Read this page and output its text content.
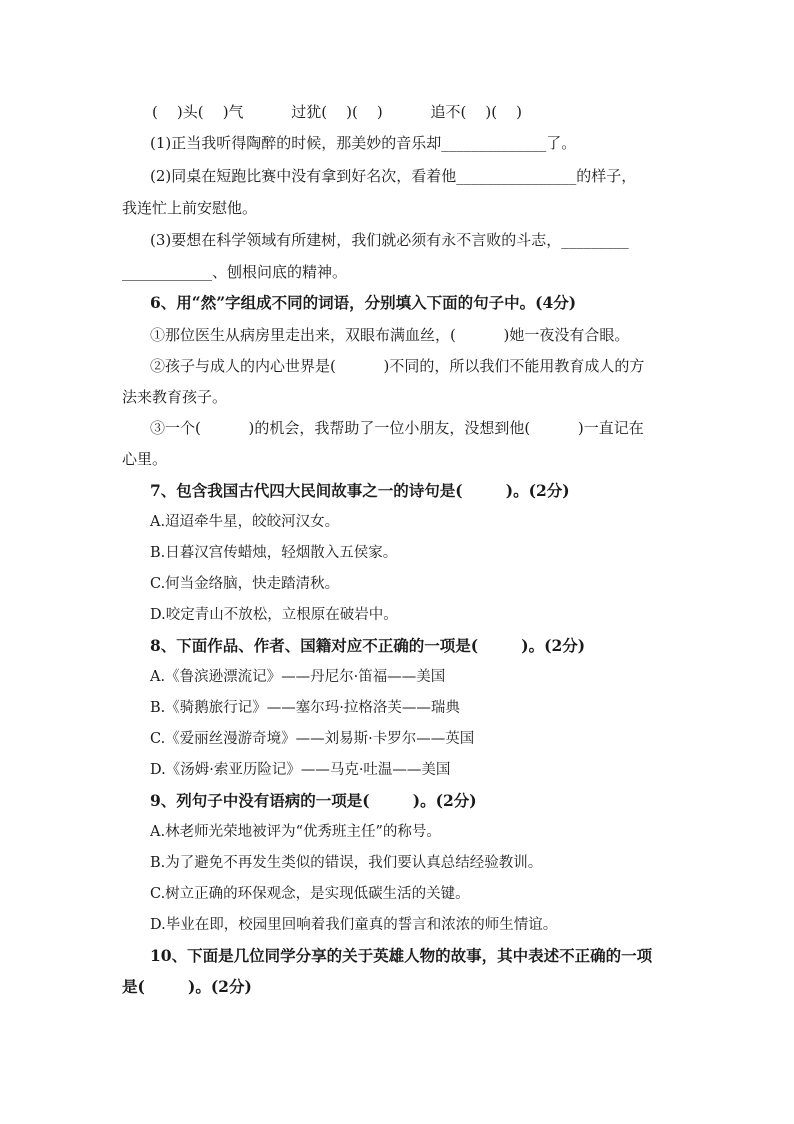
(    )头(    )气          过犹(    )(    )          追不(    )(    )
(1)正当我听得陶醉的时候，那美妙的音乐却______________了。
(2)同桌在短跑比赛中没有拿到好名次，看着他________________的样子，
我连忙上前安慰他。
(3)要想在科学领域有所建树，我们就必须有永不言败的斗志，_________
____________、刨根问底的精神。
6、用“然”字组成不同的词语，分别填入下面的句子中。(4分)
①那位医生从病房里走出来，双眼布满血丝，(          )她一夜没有合眼。
②孩子与成人的内心世界是(          )不同的，所以我们不能用教育成人的方
法来教育孩子。
③一个(          )的机会，我帮助了一位小朋友，没想到他(          )一直记在
心里。
7、包含我国古代四大民间故事之一的诗句是(        )。(2分)
A.迢迢牵牛星，皎皎河汉女。
B.日暮汉宫传蜡烛，轻烟散入五侯家。
C.何当金络脑，快走踏清秋。
D.咬定青山不放松，立根原在破岩中。
8、下面作品、作者、国籍对应不正确的一项是(        )。(2分)
A.《鲁滨逊漂流记》——丹尼尔·笛福——美国
B.《骑鹅旅行记》——塞尔玛·拉格洛芙——瑞典
C.《爱丽丝漫游奇境》——刘易斯·卡罗尔——英国
D.《汤姆·索亚历险记》——马克·吐温——美国
9、列句子中没有语病的一项是(        )。(2分)
A.林老师光荣地被评为“优秀班主任”的称号。
B.为了避免不再发生类似的错误，我们要认真总结经验教训。
C.树立正确的环保观念，是实现低碳生活的关键。
D.毕业在即，校园里回响着我们童真的誓言和浓浓的师生情谊。
10、下面是几位同学分享的关于英雄人物的故事，其中表述不正确的一项
是(        )。(2分)
